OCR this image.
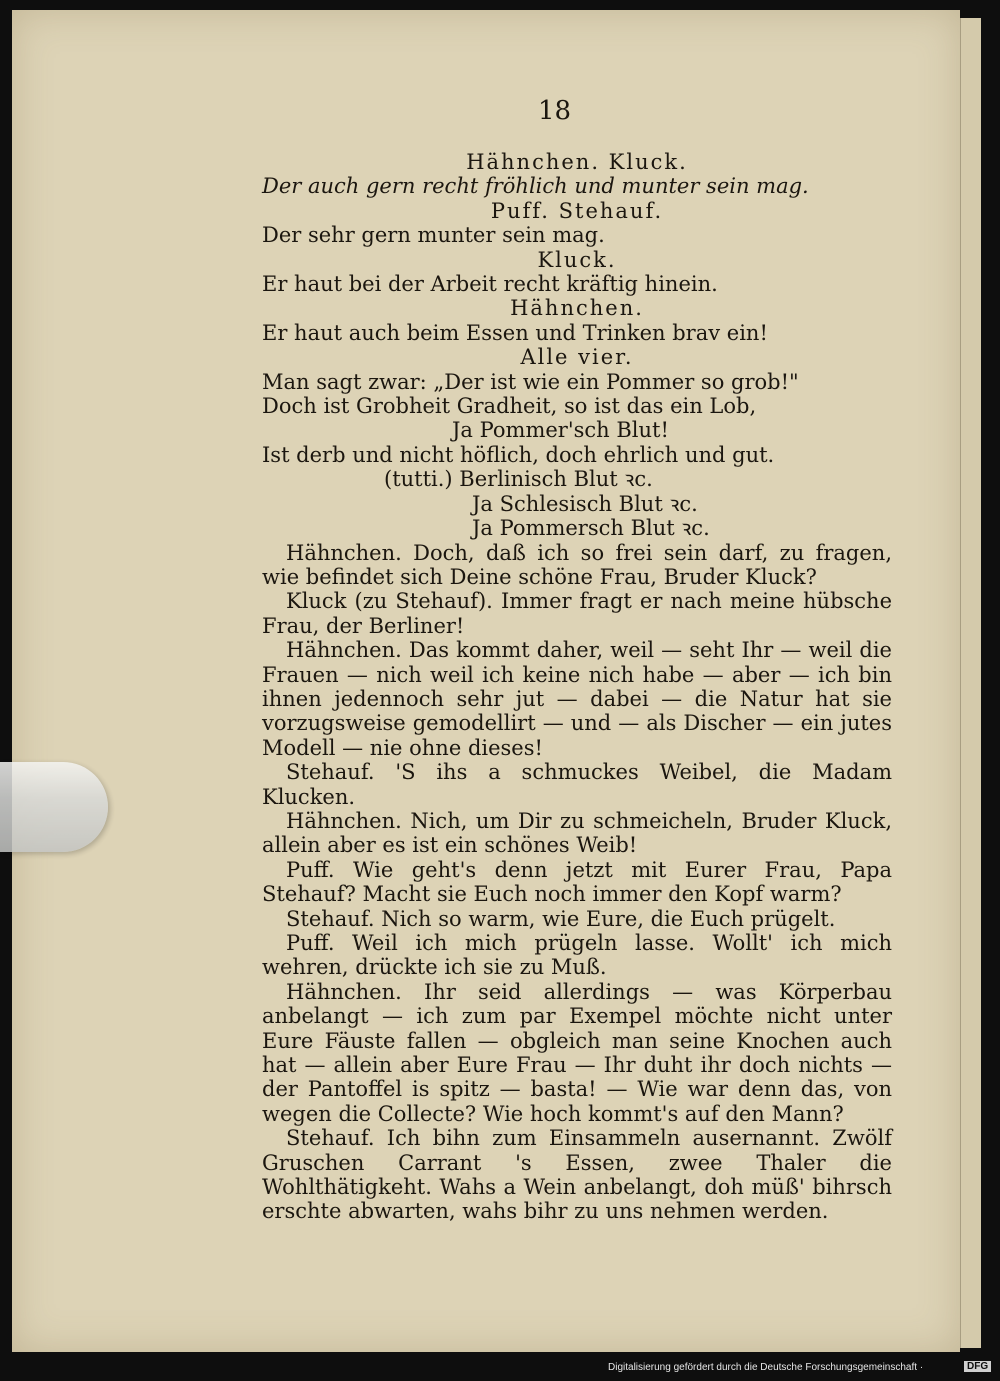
18
Hähnchen. Kluck.
Der auch gern recht fröhlich und munter sein mag.
Puff. Stehauf.
Der sehr gern munter sein mag.
Kluck.
Er haut bei der Arbeit recht kräftig hinein.
Hähnchen.
Er haut auch beim Essen und Trinken brav ein!
Alle vier.
Man sagt zwar: „Der ist wie ein Pommer so grob!"
Doch ist Grobheit Gradheit, so ist das ein Lob,
Ja Pommer'sch Blut!
Ist derb und nicht höflich, doch ehrlich und gut.
(tutti.) Berlinisch Blut ꝛc.
Ja Schlesisch Blut ꝛc.
Ja Pommersch Blut ꝛc.
Hähnchen. Doch, daß ich so frei sein darf, zu fragen, wie befindet sich Deine schöne Frau, Bruder Kluck?
Kluck (zu Stehauf). Immer fragt er nach meine hübsche Frau, der Berliner!
Hähnchen. Das kommt daher, weil — seht Ihr — weil die Frauen — nich weil ich keine nich habe — aber — ich bin ihnen jedennoch sehr jut — dabei — die Natur hat sie vorzugsweise gemodellirt — und — als Discher — ein jutes Modell — nie ohne dieses!
Stehauf. 'S ihs a schmuckes Weibel, die Madam Klucken.
Hähnchen. Nich, um Dir zu schmeicheln, Bruder Kluck, allein aber es ist ein schönes Weib!
Puff. Wie geht's denn jetzt mit Eurer Frau, Papa Stehauf? Macht sie Euch noch immer den Kopf warm?
Stehauf. Nich so warm, wie Eure, die Euch prügelt.
Puff. Weil ich mich prügeln lasse. Wollt' ich mich wehren, drückte ich sie zu Muß.
Hähnchen. Ihr seid allerdings — was Körperbau anbelangt — ich zum par Exempel möchte nicht unter Eure Fäuste fallen — obgleich man seine Knochen auch hat — allein aber Eure Frau — Ihr duht ihr doch nichts — der Pantoffel is spitz — basta! — Wie war denn das, von wegen die Collecte? Wie hoch kommt's auf den Mann?
Stehauf. Ich bihn zum Einsammeln ausernannt. Zwölf Gruschen Carrant 's Essen, zwee Thaler die Wohlthätigkeht. Wahs a Wein anbelangt, doh müß' bihrsch erschte abwarten, wahs bihr zu uns nehmen werden.
Digitalisierung gefördert durch die Deutsche Forschungsgemeinschaft ·	DFG
